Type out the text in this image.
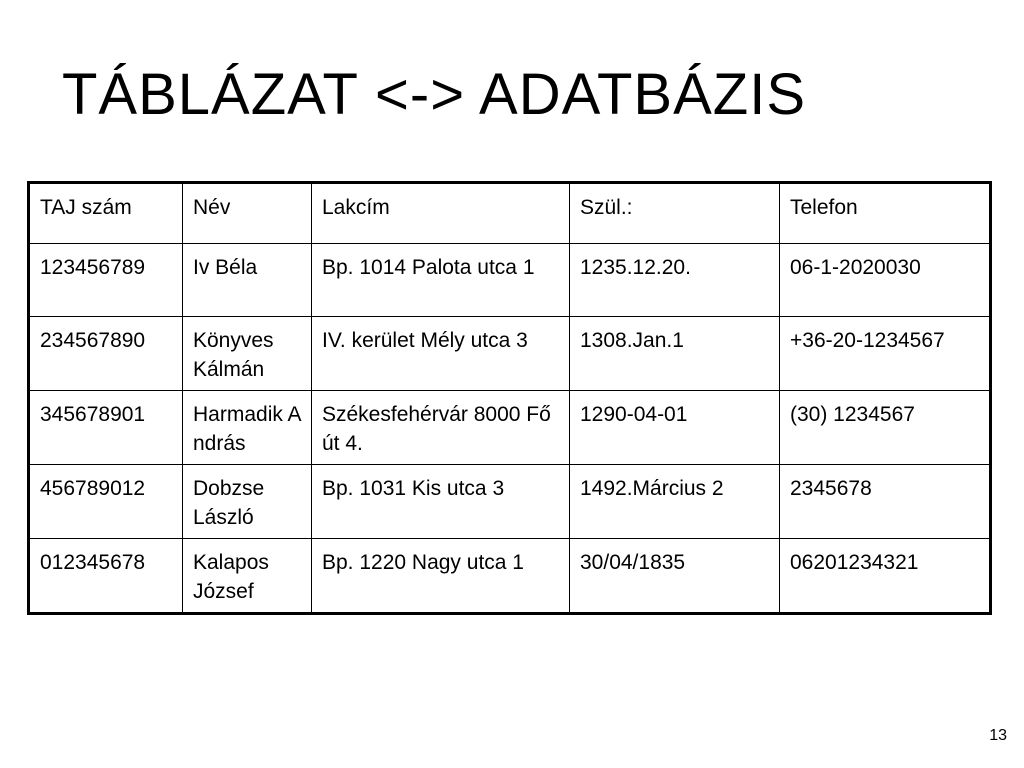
TÁBLÁZAT <-> ADATBÁZIS
TAJ szám	Név	Lakcím	Szül.:	Telefon
123456789	Iv Béla	Bp. 1014 Palota utca 1	1235.12.20.	06-1-2020030
234567890	Könyves Kálmán	IV. kerület Mély utca 3	1308.Jan.1	+36-20-1234567
345678901	Harmadik András	Székesfehérvár 8000 Fő út 4.	1290-04-01	(30) 1234567
456789012	Dobzse László	Bp. 1031 Kis utca 3	1492.Március 2	2345678
012345678	Kalapos József	Bp. 1220 Nagy utca 1	30/04/1835	06201234321
13
